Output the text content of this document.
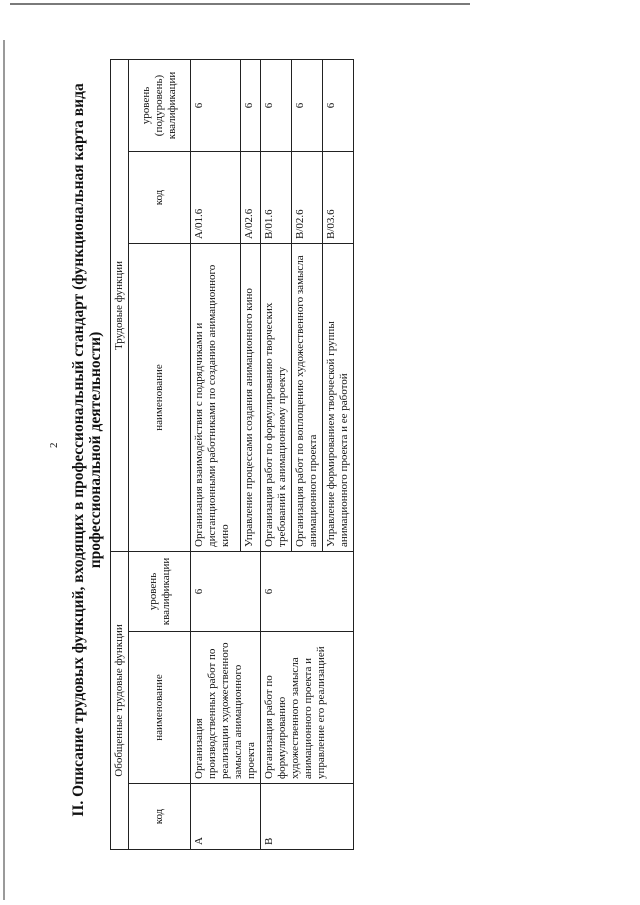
2 II. Описание трудовых функций, входящих в профессиональный стандарт (функциональная карта вида
профессиональной деятельности)

Обобщенные трудовые функции			Трудовые функции		
код	наименование	уровень квалификации	наименование	код	уровень (подуровень) квалификации
A	Организация производственных работ по реализации художественного замысла анимационного проекта	6	Организация взаимодействия с подрядчиками и дистанционными работниками по созданию анимационного кино	A/01.6	6
			Управление процессами создания анимационного кино	A/02.6	6
B	Организация работ по формулированию художественного замысла анимационного проекта и управление его реализацией	6	Организация работ по формулированию творческих требований к анимационному проекту	B/01.6	6
			Организация работ по воплощению художественного замысла анимационного проекта	B/02.6	6
			Управление формированием творческой группы анимационного проекта и ее работой	B/03.6	6
